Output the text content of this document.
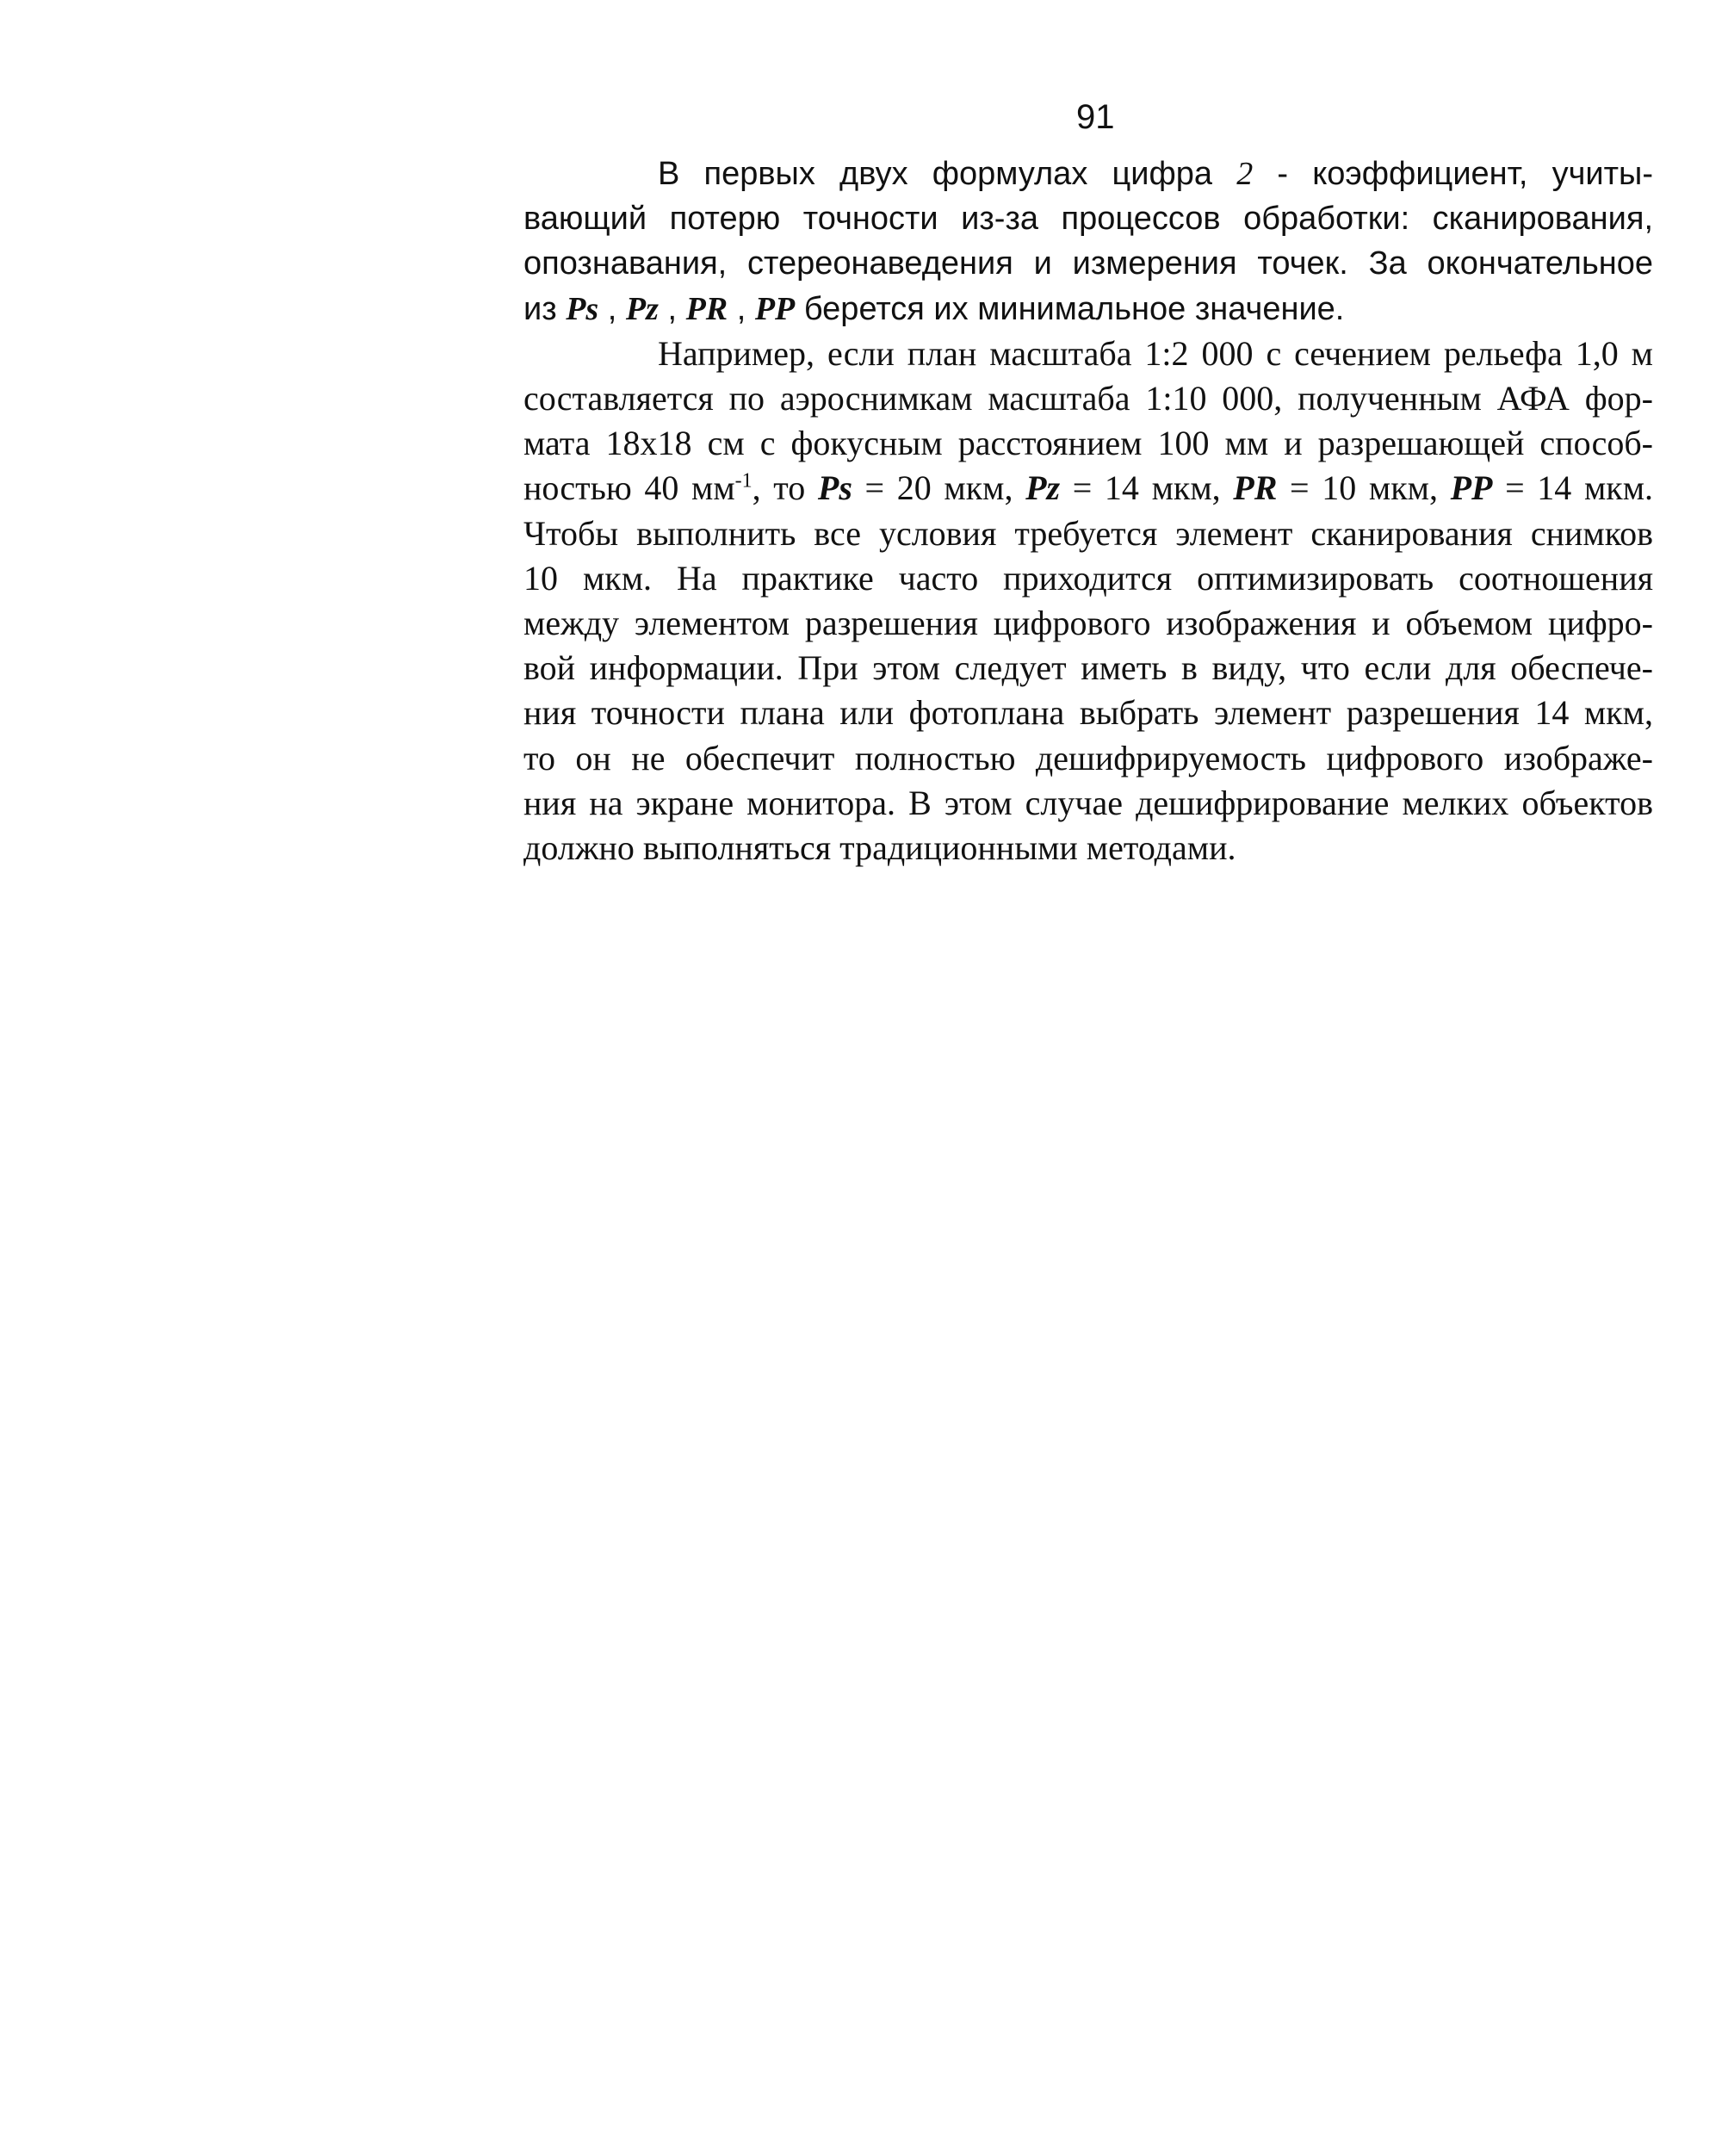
91
В первых двух формулах цифра 2 - коэффициент, учиты-
вающий потерю точности из-за процессов обработки: сканирования,
опознавания, стереонаведения и измерения точек. За окончательное
из Ps , Pz , PR , PP берется их минимальное значение.
Например, если план масштаба 1:2 000 с сечением рельефа 1,0 м
составляется по аэроснимкам масштаба 1:10 000, полученным АФА фор-
мата 18x18 см с фокусным расстоянием 100 мм и разрешающей способ-
ностью 40 $мм^{-1}$, то Ps = 20 мкм, Pz = 14 мкм, PR = 10 мкм, PP = 14 мкм.
Чтобы выполнить все условия требуется элемент сканирования снимков
10 мкм. На практике часто приходится оптимизировать соотношения
между элементом разрешения цифрового изображения и объемом цифро-
вой информации. При этом следует иметь в виду, что если для обеспече-
ния точности плана или фотоплана выбрать элемент разрешения 14 мкм,
то он не обеспечит полностью дешифрируемость цифрового изображе-
ния на экране монитора. В этом случае дешифрирование мелких объектов
должно выполняться традиционными методами.
